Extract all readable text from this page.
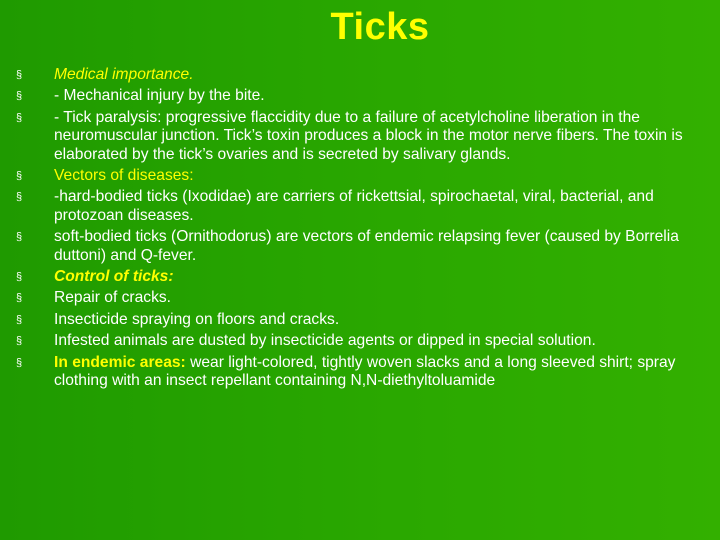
Ticks
§ Medical importance.
§ - Mechanical injury by the bite.
§ - Tick paralysis: progressive flaccidity due to a failure of acetylcholine liberation in the neuromuscular junction. Tick’s toxin produces a block in the motor nerve fibers. The toxin is elaborated by the tick’s ovaries and is secreted by salivary glands.
§ Vectors of diseases:
§ -hard-bodied ticks (Ixodidae) are carriers of rickettsial, spirochaetal, viral, bacterial, and protozoan diseases.
§ soft-bodied ticks (Ornithodorus) are vectors of endemic relapsing fever (caused by Borrelia duttoni) and Q-fever.
§ Control of ticks:
§ Repair of cracks.
§ Insecticide spraying on floors and cracks.
§ Infested animals are dusted by insecticide agents or dipped in special solution.
§ In endemic areas: wear light-colored, tightly woven slacks and a long sleeved shirt; spray clothing with an insect repellant containing N,N-diethyltoluamide
